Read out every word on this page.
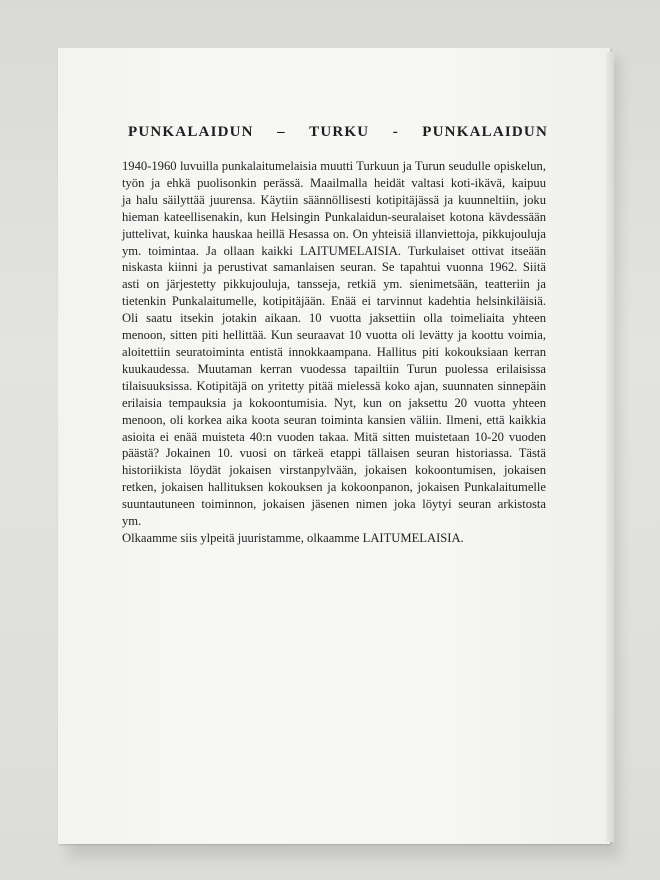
PUNKALAIDUN – TURKU - PUNKALAIDUN
1940-1960 luvuilla punkalaitumelaisia muutti Turkuun ja Turun seudulle opiskelun,
työn ja ehkä puolisonkin perässä. Maailmalla heidät valtasi koti-ikävä, kaipuu
ja halu säilyttää juurensa. Käytiin säännöllisesti kotipitäjässä ja kuunneltiin, joku
hieman kateellisenakin, kun Helsingin Punkalaidun-seuralaiset kotona kävdessään
juttelivat, kuinka hauskaa heillä Hesassa on. On yhteisiä illanviettoja, pikkujouluja
ym. toimintaa. Ja ollaan kaikki LAITUMELAISIA. Turkulaiset ottivat itseään
niskasta kiinni ja perustivat samanlaisen seuran. Se tapahtui vuonna 1962. Siitä
asti on järjestetty pikkujouluja, tansseja, retkiä ym. sienimetsään, teatteriin ja
tietenkin Punkalaitumelle, kotipitäjään. Enää ei tarvinnut kadehtia helsinkiläisiä.
Oli saatu itsekin jotakin aikaan. 10 vuotta jaksettiin olla toimeliaita yhteen
menoon, sitten piti hellittää. Kun seuraavat 10 vuotta oli levätty ja koottu voimia,
aloitettiin seuratoiminta entistä innokkaampana. Hallitus piti kokouksiaan kerran
kuukaudessa. Muutaman kerran vuodessa tapailtiin Turun puolessa erilaisissa
tilaisuuksissa. Kotipitäjä on yritetty pitää mielessä koko ajan, suunnaten sinnepäin
erilaisia tempauksia ja kokoontumisia. Nyt, kun on jaksettu 20 vuotta yhteen
menoon, oli korkea aika koota seuran toiminta kansien väliin. Ilmeni, että kaikkia
asioita ei enää muisteta 40:n vuoden takaa. Mitä sitten muistetaan 10-20 vuoden
päästä? Jokainen 10. vuosi on tärkeä etappi tällaisen seuran historiassa. Tästä
historiikista löydät jokaisen virstanpylvään, jokaisen kokoontumisen, jokaisen
retken, jokaisen hallituksen kokouksen ja kokoonpanon, jokaisen Punkalaitumelle
suuntautuneen toiminnon, jokaisen jäsenen nimen joka löytyi seuran arkistosta
ym.
Olkaamme siis ylpeitä juuristamme, olkaamme LAITUMELAISIA.
